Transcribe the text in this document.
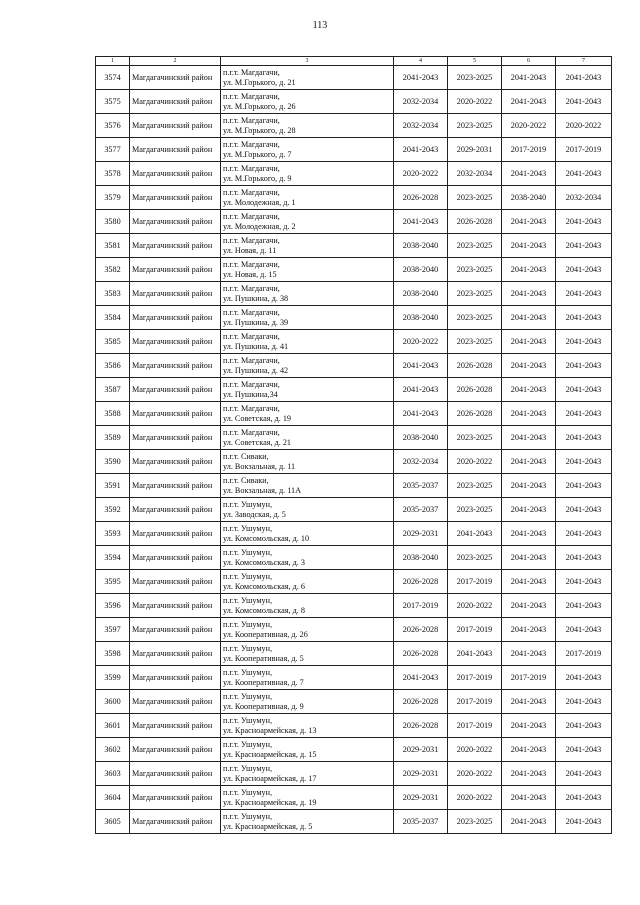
113
1	2	3	4	5	6	7
3574	Магдагачинский район	п.г.т. Магдагачи,
ул. М.Горького, д. 21	2041-2043	2023-2025	2041-2043	2041-2043
3575	Магдагачинский район	п.г.т. Магдагачи,
ул. М.Горького, д. 26	2032-2034	2020-2022	2041-2043	2041-2043
3576	Магдагачинский район	п.г.т. Магдагачи,
ул. М.Горького, д. 28	2032-2034	2023-2025	2020-2022	2020-2022
3577	Магдагачинский район	п.г.т. Магдагачи,
ул. М.Горького, д. 7	2041-2043	2029-2031	2017-2019	2017-2019
3578	Магдагачинский район	п.г.т. Магдагачи,
ул. М.Горького, д. 9	2020-2022	2032-2034	2041-2043	2041-2043
3579	Магдагачинский район	п.г.т. Магдагачи,
ул. Молодежная, д. 1	2026-2028	2023-2025	2038-2040	2032-2034
3580	Магдагачинский район	п.г.т. Магдагачи,
ул. Молодежная, д. 2	2041-2043	2026-2028	2041-2043	2041-2043
3581	Магдагачинский район	п.г.т. Магдагачи,
ул. Новая, д. 11	2038-2040	2023-2025	2041-2043	2041-2043
3582	Магдагачинский район	п.г.т. Магдагачи,
ул. Новая, д. 15	2038-2040	2023-2025	2041-2043	2041-2043
3583	Магдагачинский район	п.г.т. Магдагачи,
ул. Пушкина, д. 38	2038-2040	2023-2025	2041-2043	2041-2043
3584	Магдагачинский район	п.г.т. Магдагачи,
ул. Пушкина, д. 39	2038-2040	2023-2025	2041-2043	2041-2043
3585	Магдагачинский район	п.г.т. Магдагачи,
ул. Пушкина, д. 41	2020-2022	2023-2025	2041-2043	2041-2043
3586	Магдагачинский район	п.г.т. Магдагачи,
ул. Пушкина, д. 42	2041-2043	2026-2028	2041-2043	2041-2043
3587	Магдагачинский район	п.г.т. Магдагачи,
ул. Пушкина,34	2041-2043	2026-2028	2041-2043	2041-2043
3588	Магдагачинский район	п.г.т. Магдагачи,
ул. Советская, д. 19	2041-2043	2026-2028	2041-2043	2041-2043
3589	Магдагачинский район	п.г.т. Магдагачи,
ул. Советская, д. 21	2038-2040	2023-2025	2041-2043	2041-2043
3590	Магдагачинский район	п.г.т. Сиваки,
ул. Вокзальная, д. 11	2032-2034	2020-2022	2041-2043	2041-2043
3591	Магдагачинский район	п.г.т. Сиваки,
ул. Вокзальная, д. 11А	2035-2037	2023-2025	2041-2043	2041-2043
3592	Магдагачинский район	п.г.т. Ушумун,
ул. Заводская, д. 5	2035-2037	2023-2025	2041-2043	2041-2043
3593	Магдагачинский район	п.г.т. Ушумун,
ул. Комсомольская, д. 10	2029-2031	2041-2043	2041-2043	2041-2043
3594	Магдагачинский район	п.г.т. Ушумун,
ул. Комсомольская, д. 3	2038-2040	2023-2025	2041-2043	2041-2043
3595	Магдагачинский район	п.г.т. Ушумун,
ул. Комсомольская, д. 6	2026-2028	2017-2019	2041-2043	2041-2043
3596	Магдагачинский район	п.г.т. Ушумун,
ул. Комсомольская, д. 8	2017-2019	2020-2022	2041-2043	2041-2043
3597	Магдагачинский район	п.г.т. Ушумун,
ул. Кооперативная, д. 26	2026-2028	2017-2019	2041-2043	2041-2043
3598	Магдагачинский район	п.г.т. Ушумун,
ул. Кооперативная, д. 5	2026-2028	2041-2043	2041-2043	2017-2019
3599	Магдагачинский район	п.г.т. Ушумун,
ул. Кооперативная, д. 7	2041-2043	2017-2019	2017-2019	2041-2043
3600	Магдагачинский район	п.г.т. Ушумун,
ул. Кооперативная, д. 9	2026-2028	2017-2019	2041-2043	2041-2043
3601	Магдагачинский район	п.г.т. Ушумун,
ул. Красноармейская, д. 13	2026-2028	2017-2019	2041-2043	2041-2043
3602	Магдагачинский район	п.г.т. Ушумун,
ул. Красноармейская, д. 15	2029-2031	2020-2022	2041-2043	2041-2043
3603	Магдагачинский район	п.г.т. Ушумун,
ул. Красноармейская, д. 17	2029-2031	2020-2022	2041-2043	2041-2043
3604	Магдагачинский район	п.г.т. Ушумун,
ул. Красноармейская, д. 19	2029-2031	2020-2022	2041-2043	2041-2043
3605	Магдагачинский район	п.г.т. Ушумун,
ул. Красноармейская, д. 5	2035-2037	2023-2025	2041-2043	2041-2043
